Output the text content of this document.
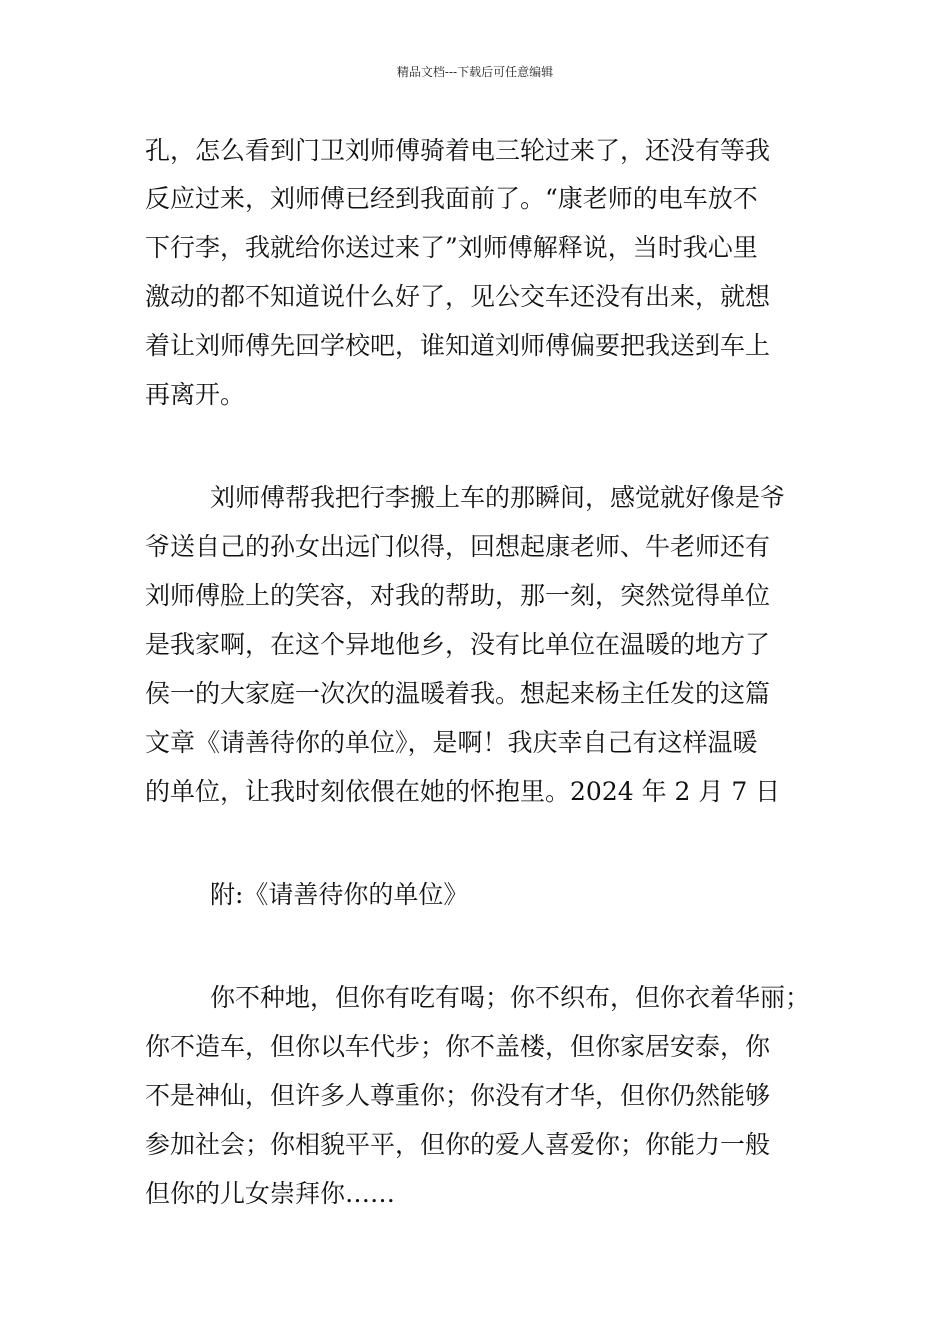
精品文档---下载后可任意编辑
孔，怎么看到门卫刘师傅骑着电三轮过来了，还没有等我
反应过来，刘师傅已经到我面前了。“康老师的电车放不
下行李，我就给你送过来了”刘师傅解释说，当时我心里
激动的都不知道说什么好了，见公交车还没有出来，就想
着让刘师傅先回学校吧，谁知道刘师傅偏要把我送到车上
再离开。
刘师傅帮我把行李搬上车的那瞬间，感觉就好像是爷
爷送自己的孙女出远门似得，回想起康老师、牛老师还有
刘师傅脸上的笑容，对我的帮助，那一刻，突然觉得单位
是我家啊，在这个异地他乡，没有比单位在温暖的地方了
侯一的大家庭一次次的温暖着我。想起来杨主任发的这篇
文章《请善待你的单位》，是啊！我庆幸自己有这样温暖
的单位，让我时刻依偎在她的怀抱里。2024 年 2 月 7 日
附:《请善待你的单位》
你不种地，但你有吃有喝；你不织布，但你衣着华丽；
你不造车，但你以车代步；你不盖楼，但你家居安泰，你
不是神仙，但许多人尊重你；你没有才华，但你仍然能够
参加社会；你相貌平平，但你的爱人喜爱你；你能力一般
但你的儿女崇拜你……
